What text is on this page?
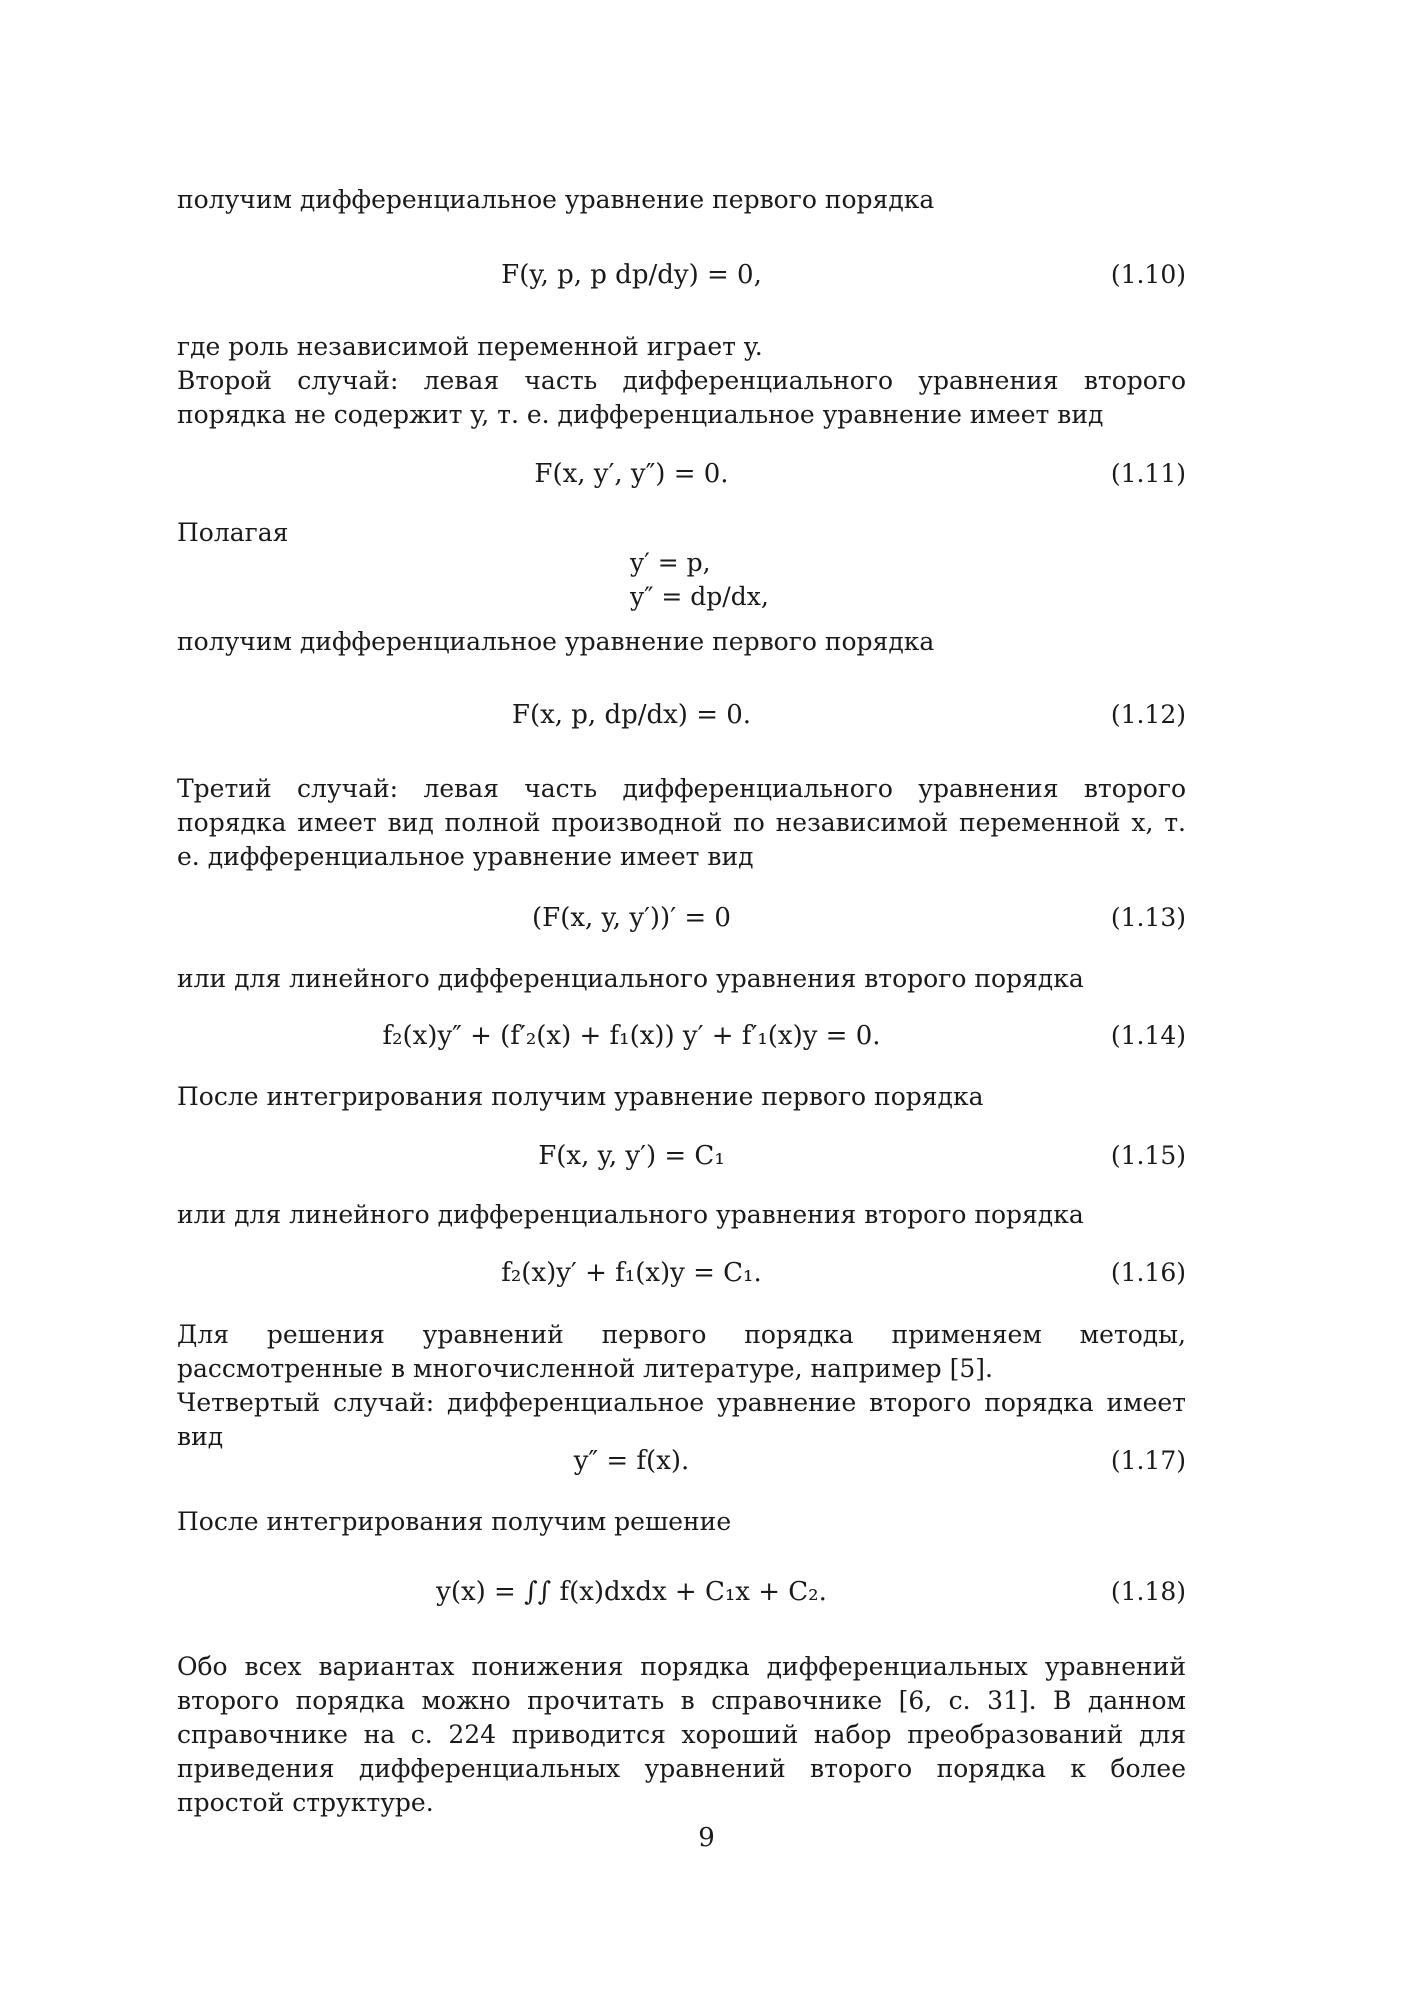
получим дифференциальное уравнение первого порядка

F(y, p, p dp/dy) = 0,	(1.10)

где роль независимой переменной играет y.

Второй случай: левая часть дифференциального уравнения второго порядка не содержит y, т. е. дифференциальное уравнение имеет вид

F(x, y′, y″) = 0.	(1.11)

Полагая

y′ = p,
y″ = dp/dx,

получим дифференциальное уравнение первого порядка

F(x, p, dp/dx) = 0.	(1.12)

Третий случай: левая часть дифференциального уравнения второго порядка имеет вид полной производной по независимой переменной x, т. е. дифференциальное уравнение имеет вид

(F(x, y, y′))′ = 0	(1.13)

или для линейного дифференциального уравнения второго порядка

f₂(x)y″ + (f′₂(x) + f₁(x)) y′ + f′₁(x)y = 0.	(1.14)

После интегрирования получим уравнение первого порядка

F(x, y, y′) = C₁	(1.15)

или для линейного дифференциального уравнения второго порядка

f₂(x)y′ + f₁(x)y = C₁.	(1.16)

Для решения уравнений первого порядка применяем методы, рассмотренные в многочисленной литературе, например [5].

Четвертый случай: дифференциальное уравнение второго порядка имеет вид

y″ = f(x).	(1.17)

После интегрирования получим решение

y(x) = ∫∫ f(x)dxdx + C₁x + C₂.	(1.18)

Обо всех вариантах понижения порядка дифференциальных уравнений второго порядка можно прочитать в справочнике [6, с. 31]. В данном справочнике на с. 224 приводится хороший набор преобразований для приведения дифференциальных уравнений второго порядка к более простой структуре.

9
